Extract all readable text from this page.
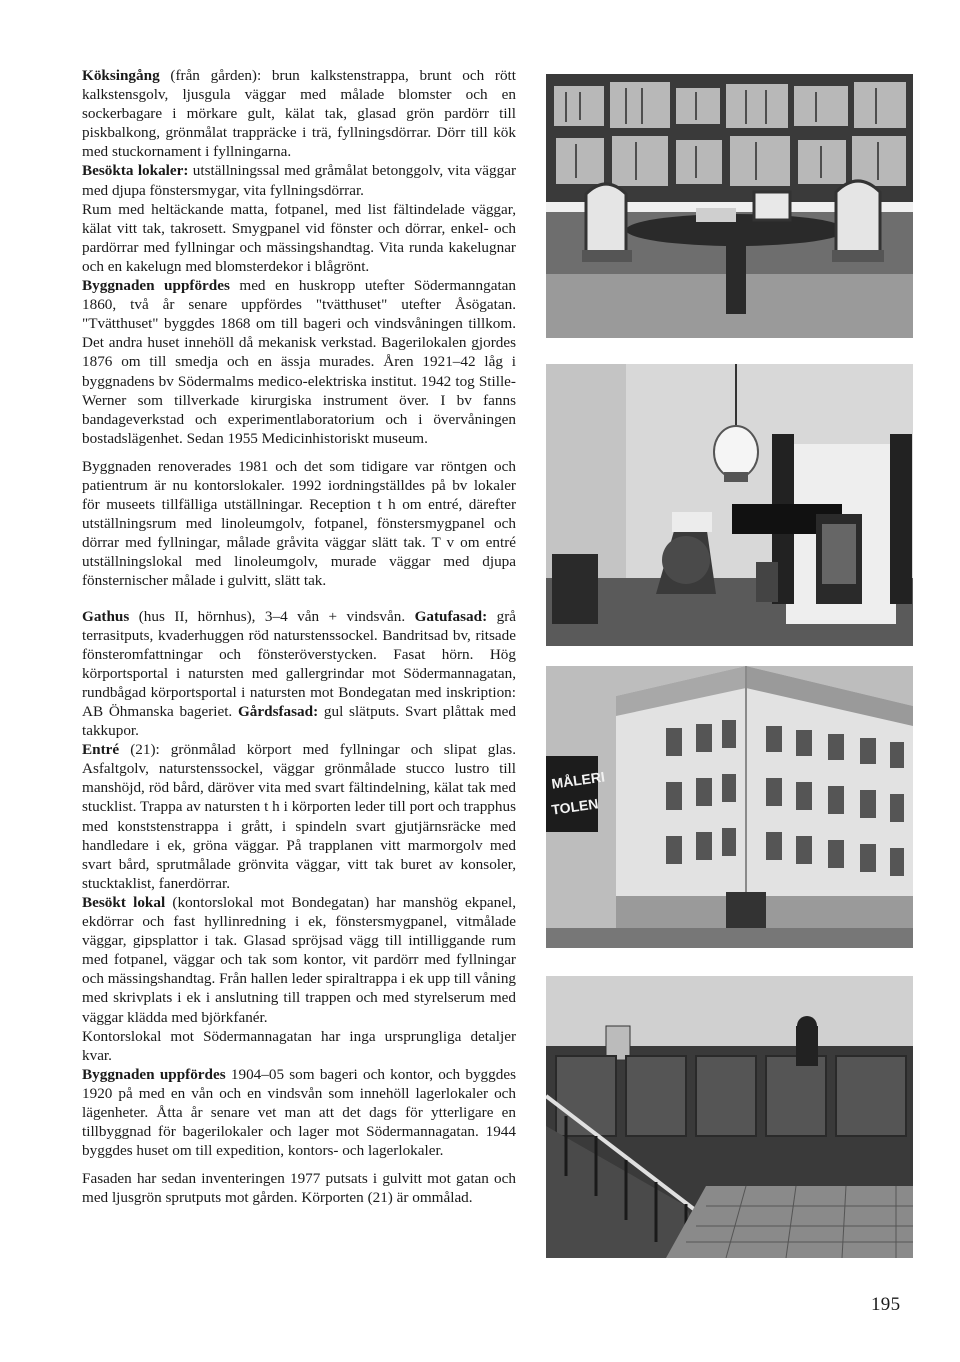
Köksingång (från gården): brun kalkstenstrappa, brunt och rött kalkstensgolv, ljusgula väggar med målade blomster och en sockerbagare i mörkare gult, kälat tak, glasad grön pardörr till piskbalkong, grönmålat trappräcke i trä, fyllningsdörrar. Dörr till kök med stuckornament i fyllningarna.

Besökta lokaler: utställningssal med gråmålat betonggolv, vita väggar med djupa fönstersmygar, vita fyllningsdörrar.

Rum med heltäckande matta, fotpanel, med list fältindelade väggar, kälat vitt tak, takrosett. Smygpanel vid fönster och dörrar, enkel- och pardörrar med fyllningar och mässingshandtag. Vita runda kakelugnar och en kakelugn med blomsterdekor i blågrönt.

Byggnaden uppfördes med en huskropp utefter Södermanngatan 1860, två år senare uppfördes "tvätthuset" utefter Åsögatan. "Tvätthuset" byggdes 1868 om till bageri och vindsvåningen tillkom. Det andra huset innehöll då mekanisk verkstad. Bagerilokalen gjordes 1876 om till smedja och en ässja murades. Åren 1921–42 låg i byggnadens bv Södermalms medico-elektriska institut. 1942 tog Stille-Werner som tillverkade kirurgiska instrument över. I bv fanns bandageverkstad och experimentlaboratorium och i övervåningen bostadslägenhet. Sedan 1955 Medicinhistoriskt museum.

Byggnaden renoverades 1981 och det som tidigare var röntgen och patientrum är nu kontorslokaler. 1992 iordningställdes på bv lokaler för museets tillfälliga utställningar. Reception t h om entré, därefter utställningsrum med linoleumgolv, fotpanel, fönstersmygpanel och dörrar med fyllningar, målade gråvita väggar slätt tak. T v om entré utställningslokal med linoleumgolv, murade väggar med djupa fönsternischer målade i gulvitt, slätt tak.

Gathus (hus II, hörnhus), 3–4 vån + vindsvån. Gatufasad: grå terrasitputs, kvaderhuggen röd naturstenssockel. Bandritsad bv, ritsade fönsteromfattningar och fönsteröverstycken. Fasat hörn. Hög körportsportal i natursten med gallergrindar mot Södermannagatan, rundbågad körportsportal i natursten mot Bondegatan med inskription: AB Öhmanska bageriet. Gårdsfasad: gul slätputs. Svart plåttak med takkupor.

Entré (21): grönmålad körport med fyllningar och slipat glas. Asfaltgolv, naturstenssockel, väggar grönmålade stucco lustro till manshöjd, röd bård, däröver vita med svart fältindelning, kälat tak med stucklist. Trappa av natursten t h i körporten leder till port och trapphus med konststenstrappa i grått, i spindeln svart gjutjärnsräcke med handledare i ek, gröna väggar. På trapplanen vitt marmorgolv med svart bård, sprutmålade grönvita väggar, vitt tak buret av konsoler, stucktaklist, fanerdörrar.

Besökt lokal (kontorslokal mot Bondegatan) har manshög ekpanel, ekdörrar och fast hyllinredning i ek, fönstersmygpanel, vitmålade väggar, gipsplattor i tak. Glasad spröjsad vägg till intilliggande rum med fotpanel, väggar och tak som kontor, vit pardörr med fyllningar och mässingshandtag. Från hallen leder spiraltrappa i ek upp till våning med skrivplats i ek i anslutning till trappen och med styrelserum med väggar klädda med björkfanér.

Kontorslokal mot Södermannagatan har inga ursprungliga detaljer kvar.

Byggnaden uppfördes 1904–05 som bageri och kontor, och byggdes 1920 på med en vån och en vindsvån som innehöll lagerlokaler och lägenheter. Åtta år senare vet man att det dags för ytterligare en tillbyggnad för bagerilokaler och lager mot Södermannagatan. 1944 byggdes huset om till expedition, kontors- och lagerlokaler.

Fasaden har sedan inventeringen 1977 putsats i gulvitt mot gatan och med ljusgrön sprutputs mot gården. Körporten (21) är ommålad.

MÅLERI
TOLEN
195
